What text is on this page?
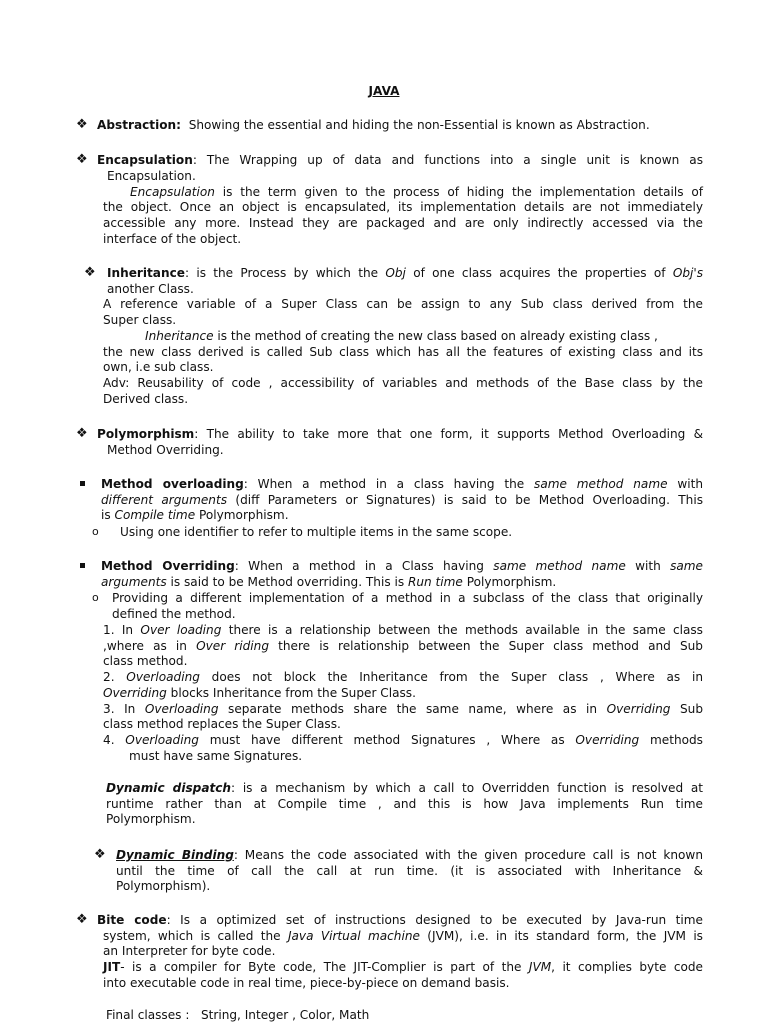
JAVA
❖ Abstraction: Showing the essential and hiding the non-Essential is known as Abstraction.
❖ Encapsulation: The Wrapping up of data and functions into a single unit is known as
Encapsulation.
Encapsulation is the term given to the process of hiding the implementation details of
the object. Once an object is encapsulated, its implementation details are not immediately
accessible any more. Instead they are packaged and are only indirectly accessed via the
interface of the object.
❖ Inheritance: is the Process by which the Obj of one class acquires the properties of Obj's
another Class.
A reference variable of a Super Class can be assign to any Sub class derived from the
Super class.
Inheritance is the method of creating the new class based on already existing class ,
the new class derived is called Sub class which has all the features of existing class and its
own, i.e sub class.
Adv: Reusability of code , accessibility of variables and methods of the Base class by the
Derived class.
❖ Polymorphism: The ability to take more that one form, it supports Method Overloading &
Method Overriding.
Method overloading: When a method in a class having the same method name with
different arguments (diff Parameters or Signatures) is said to be Method Overloading. This
is Compile time Polymorphism.
o Using one identifier to refer to multiple items in the same scope.
Method Overriding: When a method in a Class having same method name with same
arguments is said to be Method overriding. This is Run time Polymorphism.
o Providing a different implementation of a method in a subclass of the class that originally
defined the method.
1. In Over loading there is a relationship between the methods available in the same class
,where as in Over riding there is relationship between the Super class method and Sub
class method.
2. Overloading does not block the Inheritance from the Super class , Where as in
Overriding blocks Inheritance from the Super Class.
3. In Overloading separate methods share the same name, where as in Overriding Sub
class method replaces the Super Class.
4. Overloading must have different method Signatures , Where as Overriding methods
must have same Signatures.
Dynamic dispatch: is a mechanism by which a call to Overridden function is resolved at
runtime rather than at Compile time , and this is how Java implements Run time
Polymorphism.
❖ Dynamic Binding: Means the code associated with the given procedure call is not known
until the time of call the call at run time. (it is associated with Inheritance &
Polymorphism).
❖ Bite code: Is a optimized set of instructions designed to be executed by Java-run time
system, which is called the Java Virtual machine (JVM), i.e. in its standard form, the JVM is
an Interpreter for byte code.
JIT- is a compiler for Byte code, The JIT-Complier is part of the JVM, it complies byte code
into executable code in real time, piece-by-piece on demand basis.
Final classes : String, Integer , Color, Math
